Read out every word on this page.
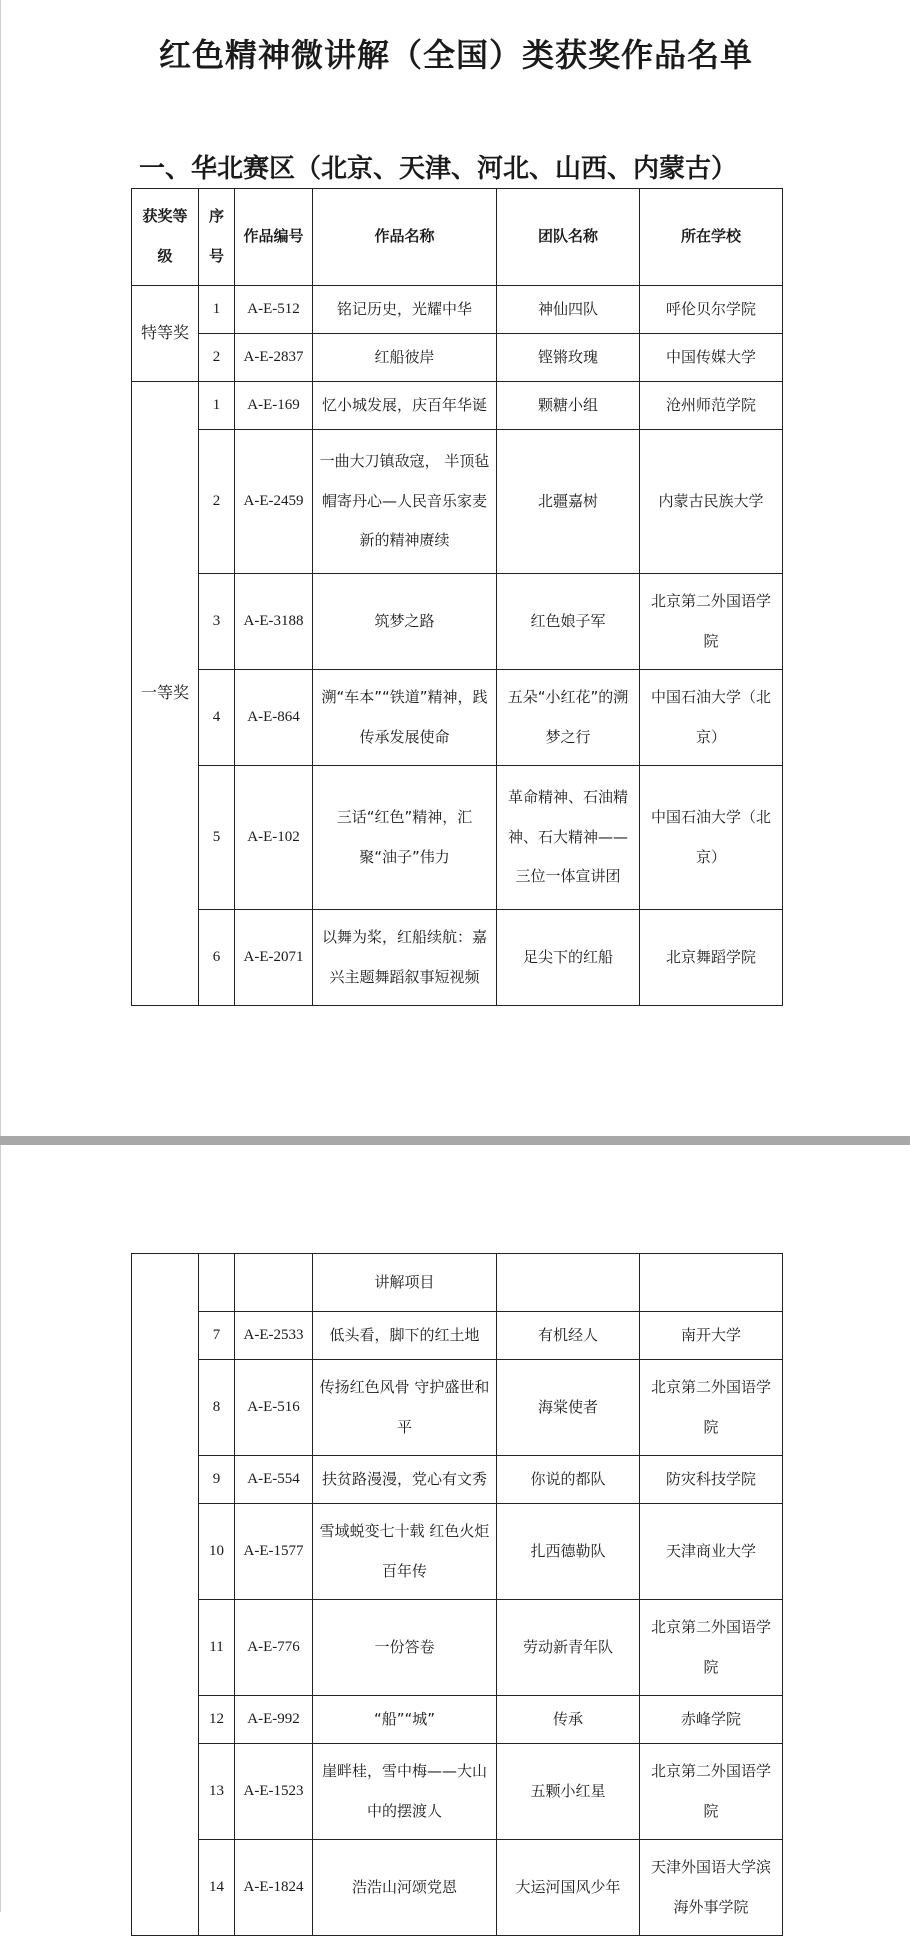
红色精神微讲解（全国）类获奖作品名单
一、华北赛区（北京、天津、河北、山西、内蒙古）
获奖等级	序号	作品编号	作品名称	团队名称	所在学校
特等奖	1	A-E-512	铭记历史，光耀中华	神仙四队	呼伦贝尔学院
	2	A-E-2837	红船彼岸	铿锵玫瑰	中国传媒大学
一等奖	1	A-E-169	忆小城发展，庆百年华诞	颗糖小组	沧州师范学院
	2	A-E-2459	一曲大刀镇敌寇， 半顶毡帽寄丹心—人民音乐家麦新的精神赓续	北疆嘉树	内蒙古民族大学
	3	A-E-3188	筑梦之路	红色娘子军	北京第二外国语学院
	4	A-E-864	溯“车本”“铁道”精神，践传承发展使命	五朵“小红花”的溯梦之行	中国石油大学（北京）
	5	A-E-102	三话“红色”精神，汇聚“油子”伟力	革命精神、石油精神、石大精神——三位一体宣讲团	中国石油大学（北京）
	6	A-E-2071	以舞为桨，红船续航：嘉兴主题舞蹈叙事短视频	足尖下的红船	北京舞蹈学院
			讲解项目		
	7	A-E-2533	低头看，脚下的红土地	有机经人	南开大学
	8	A-E-516	传扬红色风骨 守护盛世和平	海棠使者	北京第二外国语学院
	9	A-E-554	扶贫路漫漫，党心有文秀	你说的都队	防灾科技学院
	10	A-E-1577	雪域蜕变七十载 红色火炬百年传	扎西德勒队	天津商业大学
	11	A-E-776	一份答卷	劳动新青年队	北京第二外国语学院
	12	A-E-992	“船”“城”	传承	赤峰学院
	13	A-E-1523	崖畔桂，雪中梅——大山中的摆渡人	五颗小红星	北京第二外国语学院
	14	A-E-1824	浩浩山河颂党恩	大运河国风少年	天津外国语大学滨海外事学院
